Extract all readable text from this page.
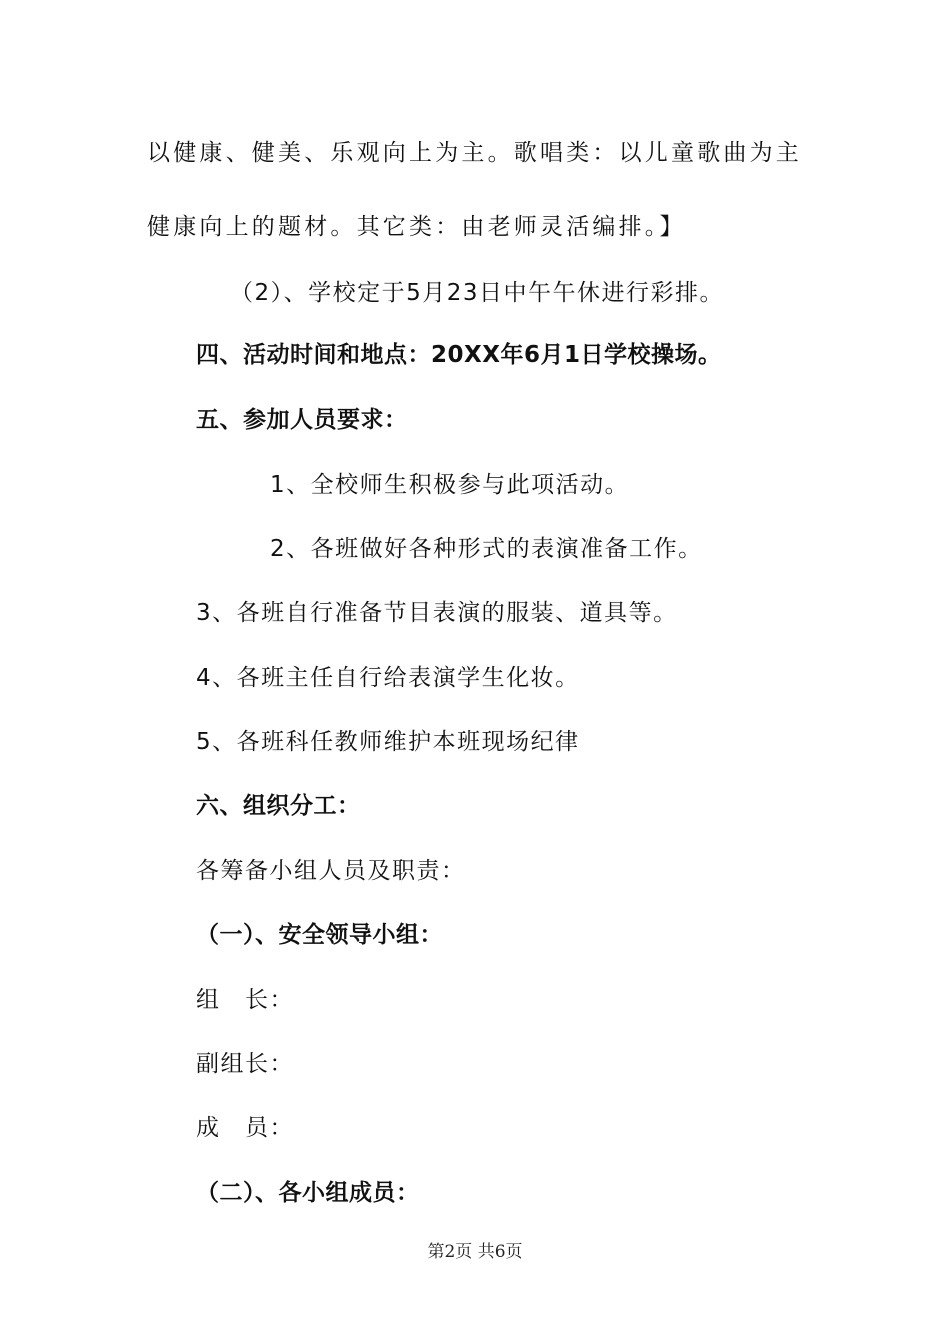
以健康、健美、乐观向上为主。歌唱类：以儿童歌曲为主
健康向上的题材。其它类：由老师灵活编排。】
（2）、学校定于5月23日中午午休进行彩排。
四、活动时间和地点：20XX年6月1日学校操场。
五、参加人员要求：
1、全校师生积极参与此项活动。
2、各班做好各种形式的表演准备工作。
3、各班自行准备节目表演的服装、道具等。
4、各班主任自行给表演学生化妆。
5、各班科任教师维护本班现场纪律
六、组织分工：
各筹备小组人员及职责：
（一）、安全领导小组：
组　长：
副组长：
成　员：
（二）、各小组成员：
第2页 共6页
